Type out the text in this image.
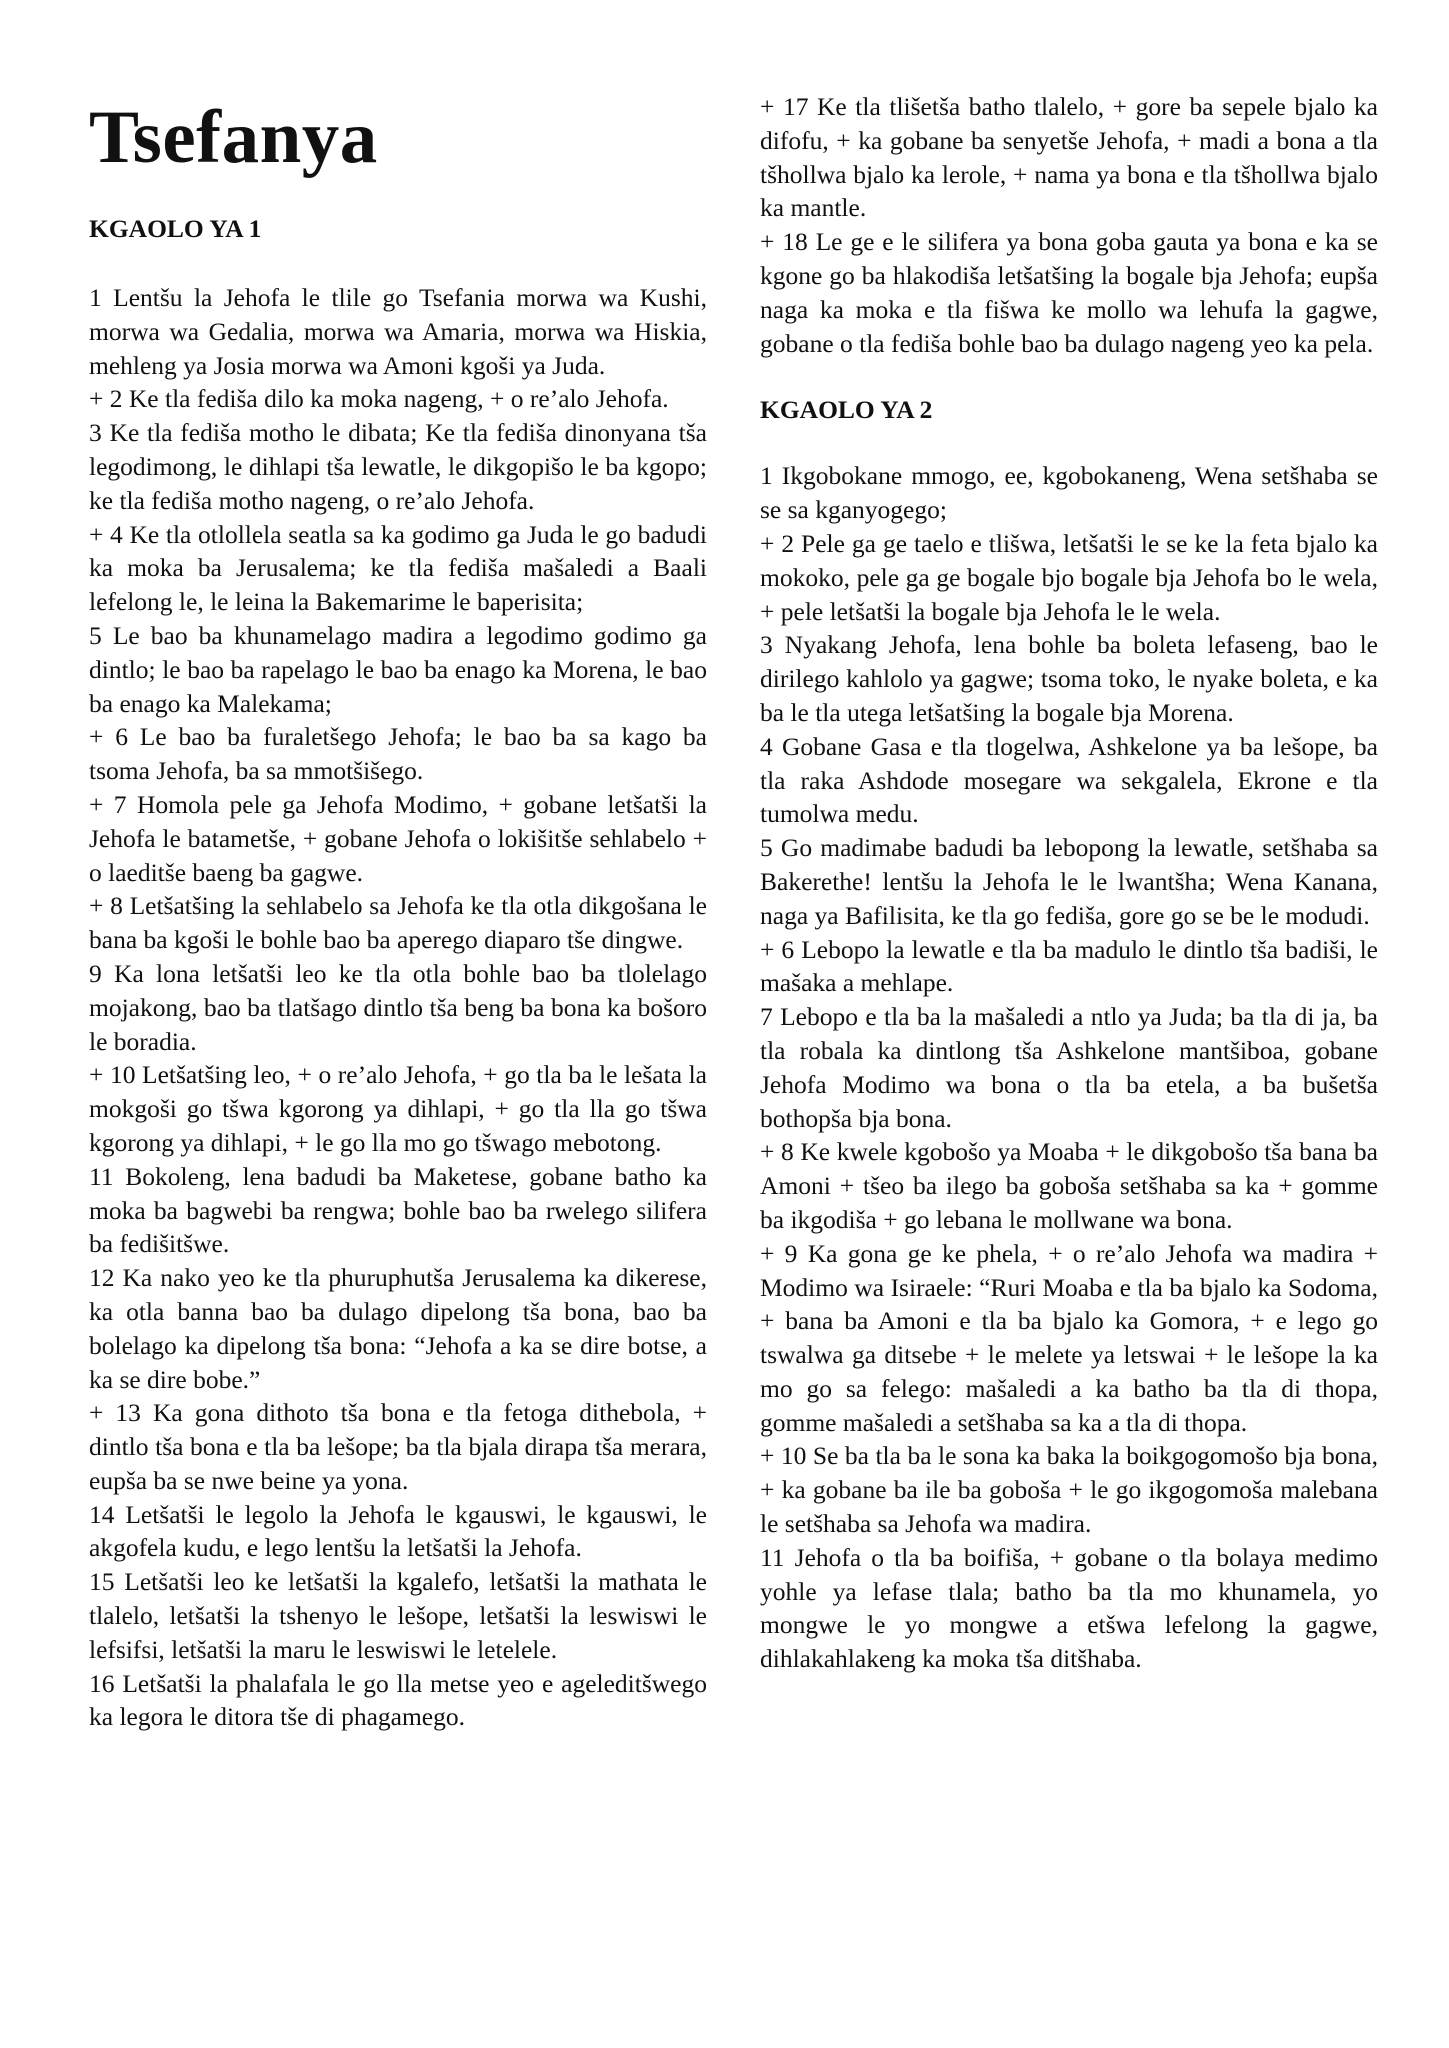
Tsefanya
KGAOLO YA 1

1 Lentšu la Jehofa le tlile go Tsefania morwa wa Kushi, morwa wa Gedalia, morwa wa Amaria, morwa wa Hiskia, mehleng ya Josia morwa wa Amoni kgoši ya Juda.

+ 2 Ke tla fediša dilo ka moka nageng, + o re’alo Jehofa.

3 Ke tla fediša motho le dibata; Ke tla fediša dinonyana tša legodimong, le dihlapi tša lewatle, le dikgopišo le ba kgopo; ke tla fediša motho nageng, o re’alo Jehofa.

+ 4 Ke tla otlollela seatla sa ka godimo ga Juda le go badudi ka moka ba Jerusalema; ke tla fediša mašaledi a Baali lefelong le, le leina la Bakemarime le baperisita;

5 Le bao ba khunamelago madira a legodimo godimo ga dintlo; le bao ba rapelago le bao ba enago ka Morena, le bao ba enago ka Malekama;

+ 6 Le bao ba furaletšego Jehofa; le bao ba sa kago ba tsoma Jehofa, ba sa mmotšišego.

+ 7 Homola pele ga Jehofa Modimo, + gobane letšatši la Jehofa le batametše, + gobane Jehofa o lokišitše sehlabelo + o laeditše baeng ba gagwe.

+ 8 Letšatšing la sehlabelo sa Jehofa ke tla otla dikgošana le bana ba kgoši le bohle bao ba aperego diaparo tše dingwe.

9 Ka lona letšatši leo ke tla otla bohle bao ba tlolelago mojakong, bao ba tlatšago dintlo tša beng ba bona ka bošoro le boradia.

+ 10 Letšatšing leo, + o re’alo Jehofa, + go tla ba le lešata la mokgoši go tšwa kgorong ya dihlapi, + go tla lla go tšwa kgorong ya dihlapi, + le go lla mo go tšwago mebotong.

11 Bokoleng, lena badudi ba Maketese, gobane batho ka moka ba bagwebi ba rengwa; bohle bao ba rwelego silifera ba fedišitšwe.

12 Ka nako yeo ke tla phuruphutša Jerusalema ka dikerese, ka otla banna bao ba dulago dipelong tša bona, bao ba bolelago ka dipelong tša bona: “Jehofa a ka se dire botse, a ka se dire bobe.”

+ 13 Ka gona dithoto tša bona e tla fetoga dithebola, + dintlo tša bona e tla ba lešope; ba tla bjala dirapa tša merara, eupša ba se nwe beine ya yona.

14 Letšatši le legolo la Jehofa le kgauswi, le kgauswi, le akgofela kudu, e lego lentšu la letšatši la Jehofa.

15 Letšatši leo ke letšatši la kgalefo, letšatši la mathata le tlalelo, letšatši la tshenyo le lešope, letšatši la leswiswi le lefsifsi, letšatši la maru le leswiswi le letelele.

16 Letšatši la phalafala le go lla metse yeo e ageleditšwego ka legora le ditora tše di phagamego.

+ 17 Ke tla tlišetša batho tlalelo, + gore ba sepele bjalo ka difofu, + ka gobane ba senyetše Jehofa, + madi a bona a tla tšhollwa bjalo ka lerole, + nama ya bona e tla tšhollwa bjalo ka mantle.

+ 18 Le ge e le silifera ya bona goba gauta ya bona e ka se kgone go ba hlakodiša letšatšing la bogale bja Jehofa; eupša naga ka moka e tla fišwa ke mollo wa lehufa la gagwe, gobane o tla fediša bohle bao ba dulago nageng yeo ka pela.

KGAOLO YA 2

1 Ikgobokane mmogo, ee, kgobokaneng, Wena setšhaba se se sa kganyogego;

+ 2 Pele ga ge taelo e tlišwa, letšatši le se ke la feta bjalo ka mokoko, pele ga ge bogale bjo bogale bja Jehofa bo le wela, + pele letšatši la bogale bja Jehofa le le wela.

3 Nyakang Jehofa, lena bohle ba boleta lefaseng, bao le dirilego kahlolo ya gagwe; tsoma toko, le nyake boleta, e ka ba le tla utega letšatšing la bogale bja Morena.

4 Gobane Gasa e tla tlogelwa, Ashkelone ya ba lešope, ba tla raka Ashdode mosegare wa sekgalela, Ekrone e tla tumolwa medu.

5 Go madimabe badudi ba lebopong la lewatle, setšhaba sa Bakerethe! lentšu la Jehofa le le lwantšha; Wena Kanana, naga ya Bafilisita, ke tla go fediša, gore go se be le modudi.

+ 6 Lebopo la lewatle e tla ba madulo le dintlo tša badiši, le mašaka a mehlape.

7 Lebopo e tla ba la mašaledi a ntlo ya Juda; ba tla di ja, ba tla robala ka dintlong tša Ashkelone mantšiboa, gobane Jehofa Modimo wa bona o tla ba etela, a ba bušetša bothopša bja bona.

+ 8 Ke kwele kgobošo ya Moaba + le dikgobošo tša bana ba Amoni + tšeo ba ilego ba goboša setšhaba sa ka + gomme ba ikgodiša + go lebana le mollwane wa bona.

+ 9 Ka gona ge ke phela, + o re’alo Jehofa wa madira + Modimo wa Isiraele: “Ruri Moaba e tla ba bjalo ka Sodoma, + bana ba Amoni e tla ba bjalo ka Gomora, + e lego go tswalwa ga ditsebe + le melete ya letswai + le lešope la ka mo go sa felego: mašaledi a ka batho ba tla di thopa, gomme mašaledi a setšhaba sa ka a tla di thopa.

+ 10 Se ba tla ba le sona ka baka la boikgogomošo bja bona, + ka gobane ba ile ba goboša + le go ikgogomoša malebana le setšhaba sa Jehofa wa madira.

11 Jehofa o tla ba boifiša, + gobane o tla bolaya medimo yohle ya lefase tlala; batho ba tla mo khunamela, yo mongwe le yo mongwe a etšwa lefelong la gagwe, dihlakahlakeng ka moka tša ditšhaba.
